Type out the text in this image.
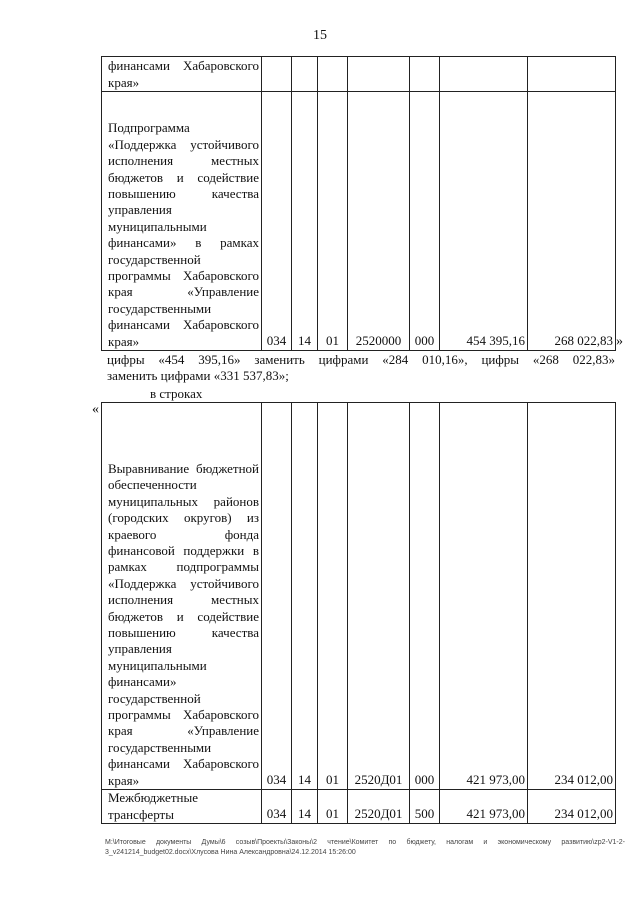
15
финансами Хабаровского края»							
Подпрограмма «Поддержка устойчивого исполнения местных бюджетов и содействие повышению качества управления муниципальными финансами» в рамках государственной программы Хабаровского края «Управление государственными финансами Хабаровского края»	034	14	01	2520000	000	454 395,16	268 022,83 »
цифры «454 395,16» заменить цифрами «284 010,16», цифры «268 022,83»
заменить цифрами «331 537,83»;
в строках
«
Выравнивание бюджетной обеспеченности муниципальных районов (городских округов) из краевого фонда финансовой поддержки в рамках подпрограммы «Поддержка устойчивого исполнения местных бюджетов и содействие повышению качества управления муниципальными финансами» государственной программы Хабаровского края «Управление государственными финансами Хабаровского края»	034	14	01	2520Д01	000	421 973,00	234 012,00
Межбюджетные трансферты	034	14	01	2520Д01	500	421 973,00	234 012,00
M:\Итоговые документы Думы\6 созыв\Проекты\Законы\2 чтение\Комитет по бюджету, налогам и экономическому развитию\zp2-V1-2-3_v241214_budget02.docx\Хлусова Нина Александровна\24.12.2014 15:26:00
